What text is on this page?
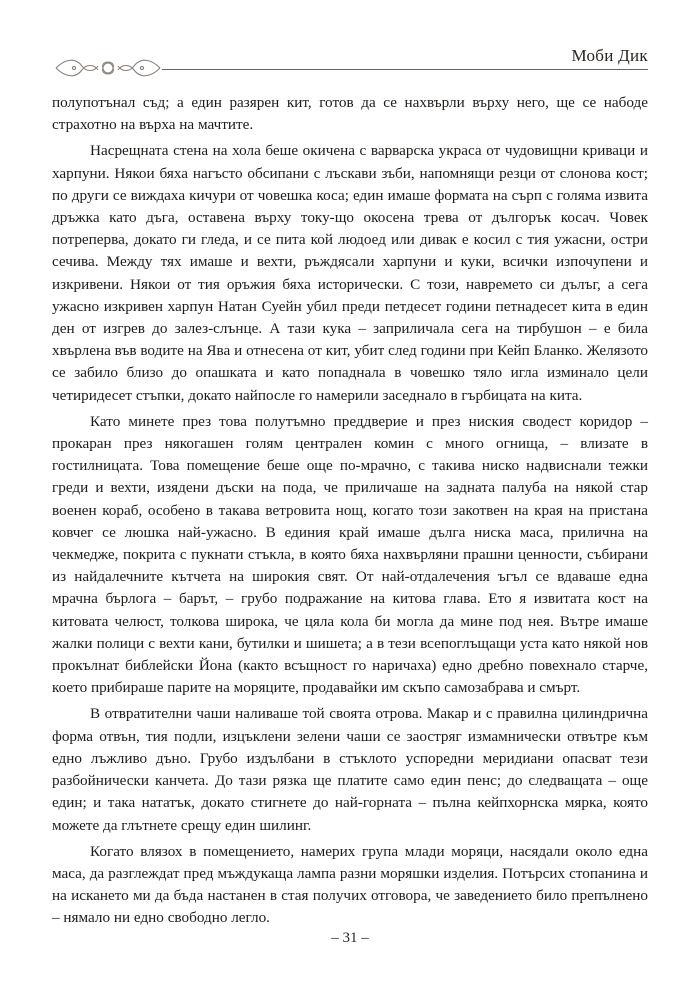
Моби Дик

полупотънал съд; а един разярен кит, готов да се нахвърли върху него, ще се набоде страхотно на върха на мачтите.

Насрещната стена на хола беше окичена с варварска украса от чудовищни криваци и харпуни. Някои бяха нагъсто обсипани с лъскави зъби, напомнящи резци от слонова кост; по други се виждаха кичури от човешка коса; един имаше формата на сърп с голяма извита дръжка като дъга, оставена върху току-що окосена трева от дългорък косач. Човек потреперва, докато ги гледа, и се пита кой людоед или дивак е косил с тия ужасни, остри сечива. Между тях имаше и вехти, ръждясали харпуни и куки, всички изпочупени и изкривени. Някои от тия оръжия бяха исторически. С този, навремето си дълъг, а сега ужасно изкривен харпун Натан Суейн убил преди петдесет години петнадесет кита в един ден от изгрев до залез-слънце. А тази кука – заприличала сега на тирбушон – е била хвърлена във водите на Ява и отнесена от кит, убит след години при Кейп Бланко. Желязото се забило близо до опашката и като попаднала в човешко тяло игла изминало цели четиридесет стъпки, докато найпосле го намерили заседнало в гърбицата на кита.

Като минете през това полутъмно преддверие и през ниския сводест коридор – прокаран през някогашен голям централен комин с много огнища, – влизате в гостилницата. Това помещение беше още по-мрачно, с такива ниско надвиснали тежки греди и вехти, изядени дъски на пода, че приличаше на задната палуба на някой стар военен кораб, особено в такава ветровита нощ, когато този закотвен на края на пристана ковчег се люшка най-ужасно. В единия край имаше дълга ниска маса, прилична на чекмедже, покрита с пукнати стъкла, в която бяха нахвърляни прашни ценности, събирани из найдалечните кътчета на широкия свят. От най-отдалечения ъгъл се вдаваше една мрачна бърлога – барът, – грубо подражание на китова глава. Ето я извитата кост на китовата челюст, толкова широка, че цяла кола би могла да мине под нея. Вътре имаше жалки полици с вехти кани, бутилки и шишета; а в тези всепоглъщащи уста като някой нов прокълнат библейски Йона (както всъщност го наричаха) едно дребно повехнало старче, което прибираше парите на моряците, продавайки им скъпо самозабрава и смърт.

В отвратителни чаши наливаше той своята отрова. Макар и с правилна цилиндрична форма отвън, тия подли, изцъклени зелени чаши се заостряг измамнически отвътре към едно лъжливо дъно. Грубо издълбани в стъклото успоредни меридиани опасват тези разбойнически канчета. До тази рязка ще платите само един пенс; до следващата – още един; и така нататък, докато стигнете до най-горната – пълна кейпхорнска мярка, която можете да глътнете срещу един шилинг.

Когато влязох в помещението, намерих група млади моряци, насядали около една маса, да разглеждат пред мъждукаща лампа разни моряшки изделия. Потърсих стопанина и на искането ми да бъда настанен в стая получих отговора, че заведението било препълнено – нямало ни едно свободно легло.

– 31 –
